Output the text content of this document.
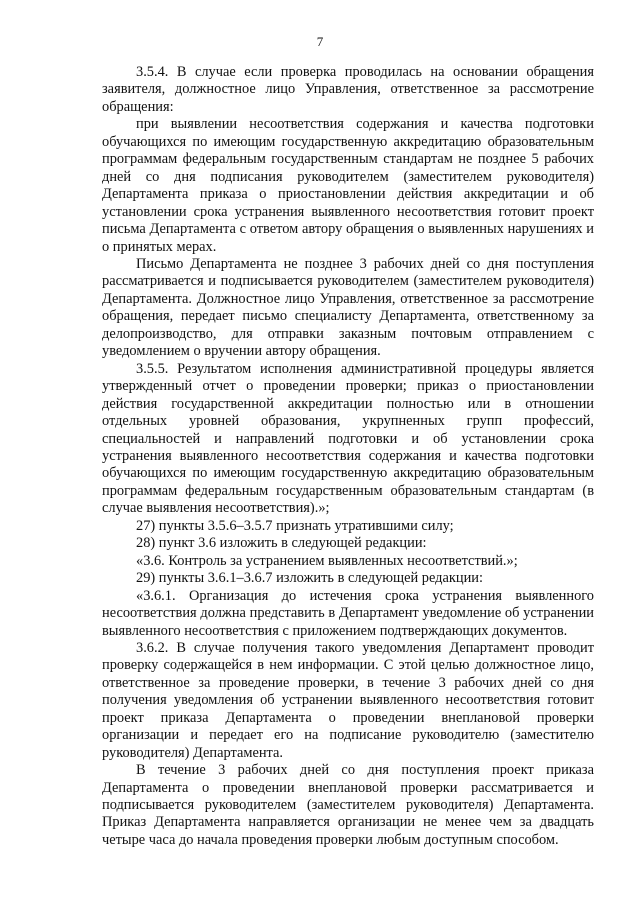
7

3.5.4. В случае если проверка проводилась на основании обращения заявителя, должностное лицо Управления, ответственное за рассмотрение обращения:

при выявлении несоответствия содержания и качества подготовки обучающихся по имеющим государственную аккредитацию образовательным программам федеральным государственным стандартам не позднее 5 рабочих дней со дня подписания руководителем (заместителем руководителя) Департамента приказа о приостановлении действия аккредитации и об установлении срока устранения выявленного несоответствия готовит проект письма Департамента с ответом автору обращения о выявленных нарушениях и о принятых мерах.

Письмо Департамента не позднее 3 рабочих дней со дня поступления рассматривается и подписывается руководителем (заместителем руководителя) Департамента. Должностное лицо Управления, ответственное за рассмотрение обращения, передает письмо специалисту Департамента, ответственному за делопроизводство, для отправки заказным почтовым отправлением с уведомлением о вручении автору обращения.

3.5.5. Результатом исполнения административной процедуры является утвержденный отчет о проведении проверки; приказ о приостановлении действия государственной аккредитации полностью или в отношении отдельных уровней образования, укрупненных групп профессий, специальностей и направлений подготовки и об установлении срока устранения выявленного несоответствия содержания и качества подготовки обучающихся по имеющим государственную аккредитацию образовательным программам федеральным государственным образовательным стандартам (в случае выявления несоответствия).»;

27) пункты 3.5.6–3.5.7 признать утратившими силу;

28) пункт 3.6 изложить в следующей редакции:

«3.6. Контроль за устранением выявленных несоответствий.»;

29) пункты 3.6.1–3.6.7 изложить в следующей редакции:

«3.6.1. Организация до истечения срока устранения выявленного несоответствия должна представить в Департамент уведомление об устранении выявленного несоответствия с приложением подтверждающих документов.

3.6.2. В случае получения такого уведомления Департамент проводит проверку содержащейся в нем информации. С этой целью должностное лицо, ответственное за проведение проверки, в течение 3 рабочих дней со дня получения уведомления об устранении выявленного несоответствия готовит проект приказа Департамента о проведении внеплановой проверки организации и передает его на подписание руководителю (заместителю руководителя) Департамента.

В течение 3 рабочих дней со дня поступления проект приказа Департамента о проведении внеплановой проверки рассматривается и подписывается руководителем (заместителем руководителя) Департамента. Приказ Департамента направляется организации не менее чем за двадцать четыре часа до начала проведения проверки любым доступным способом.
